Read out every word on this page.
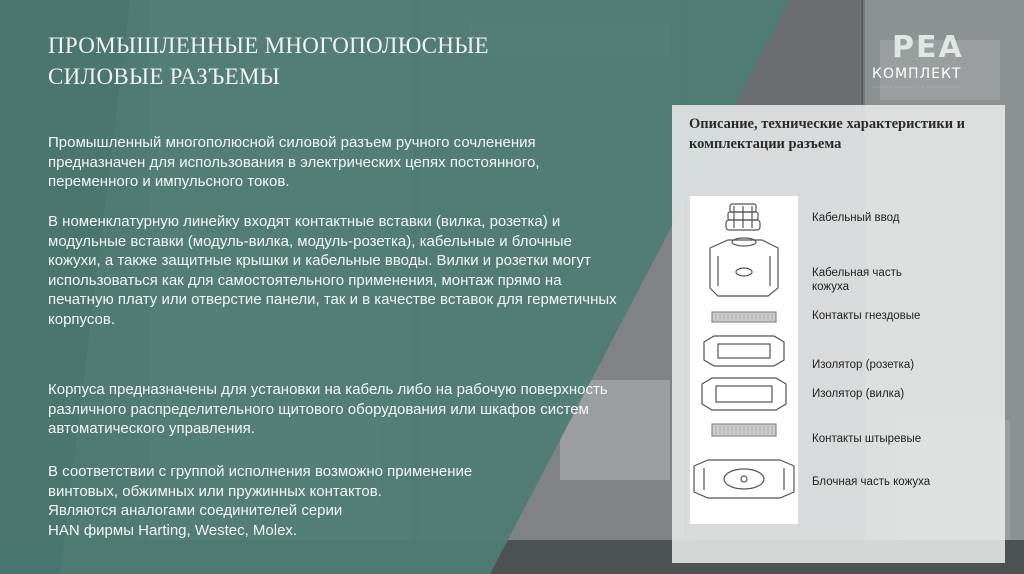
ПРОМЫШЛЕННЫЕ МНОГОПОЛЮСНЫЕ
СИЛОВЫЕ РАЗЪЕМЫ
Промышленный многополюсной силовой разъем ручного сочленения предназначен для использования в электрических цепях постоянного, переменного и импульсного токов.
В номенклатурную линейку входят контактные вставки (вилка, розетка) и модульные вставки (модуль-вилка, модуль-розетка), кабельные и блочные кожухи, а также защитные крышки и кабельные вводы. Вилки и розетки могут использоваться как для самостоятельного применения, монтаж прямо на печатную плату или отверстие панели, так и в качестве вставок для герметичных корпусов.
Корпуса предназначены для установки на кабель либо на рабочую поверхность различного распределительного щитового оборудования или шкафов систем автоматического управления.
В соответствии с группой исполнения возможно применение
винтовых, обжимных или пружинных контактов.
Являются аналогами соединителей серии
HAN фирмы Harting, Westec, Molex.
PEA
КОМПЛЕКТ
industrial automation & electrotechnics
Описание, технические характеристики и комплектации разъема
Кабельный ввод
Кабельная часть кожуха
Контакты гнездовые
Изолятор (розетка)
Изолятор (вилка)
Контакты штыревые
Блочная часть кожуха
